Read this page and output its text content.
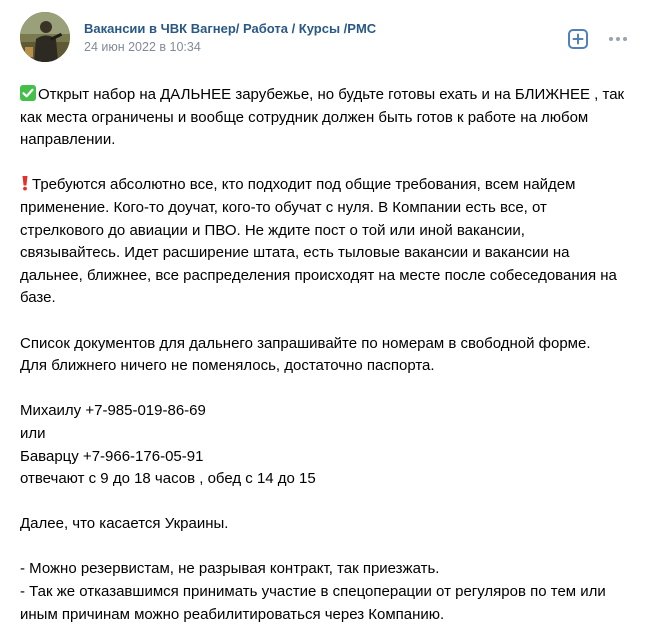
Вакансии в ЧВК Вагнер/ Работа / Курсы /PMC
24 июн 2022 в 10:34

Открыт набор на ДАЛЬНЕЕ зарубежье, но будьте готовы ехать и на БЛИЖНЕЕ , так как места ограничены и вообще сотрудник должен быть готов к работе на любом направлении.

Требуются абсолютно все, кто подходит под общие требования, всем найдем применение. Кого-то доучат, кого-то обучат с нуля. В Компании есть все, от стрелкового до авиации и ПВО. Не ждите пост о той или иной вакансии, связывайтесь. Идет расширение штата, есть тыловые вакансии и вакансии на дальнее, ближнее, все распределения происходят на месте после собеседования на базе.

Список документов для дальнего запрашивайте по номерам в свободной форме.

Для ближнего ничего не поменялось, достаточно паспорта.

Михаилу +7-985-019-86-69

или

Баварцу +7-966-176-05-91

отвечают с 9 до 18 часов , обед с 14 до 15

Далее, что касается Украины.

- Можно резервистам, не разрывая контракт, так приезжать.

- Так же отказавшимся принимать участие в спецоперации от регуляров по тем или иным причинам можно реабилитироваться через Компанию.
